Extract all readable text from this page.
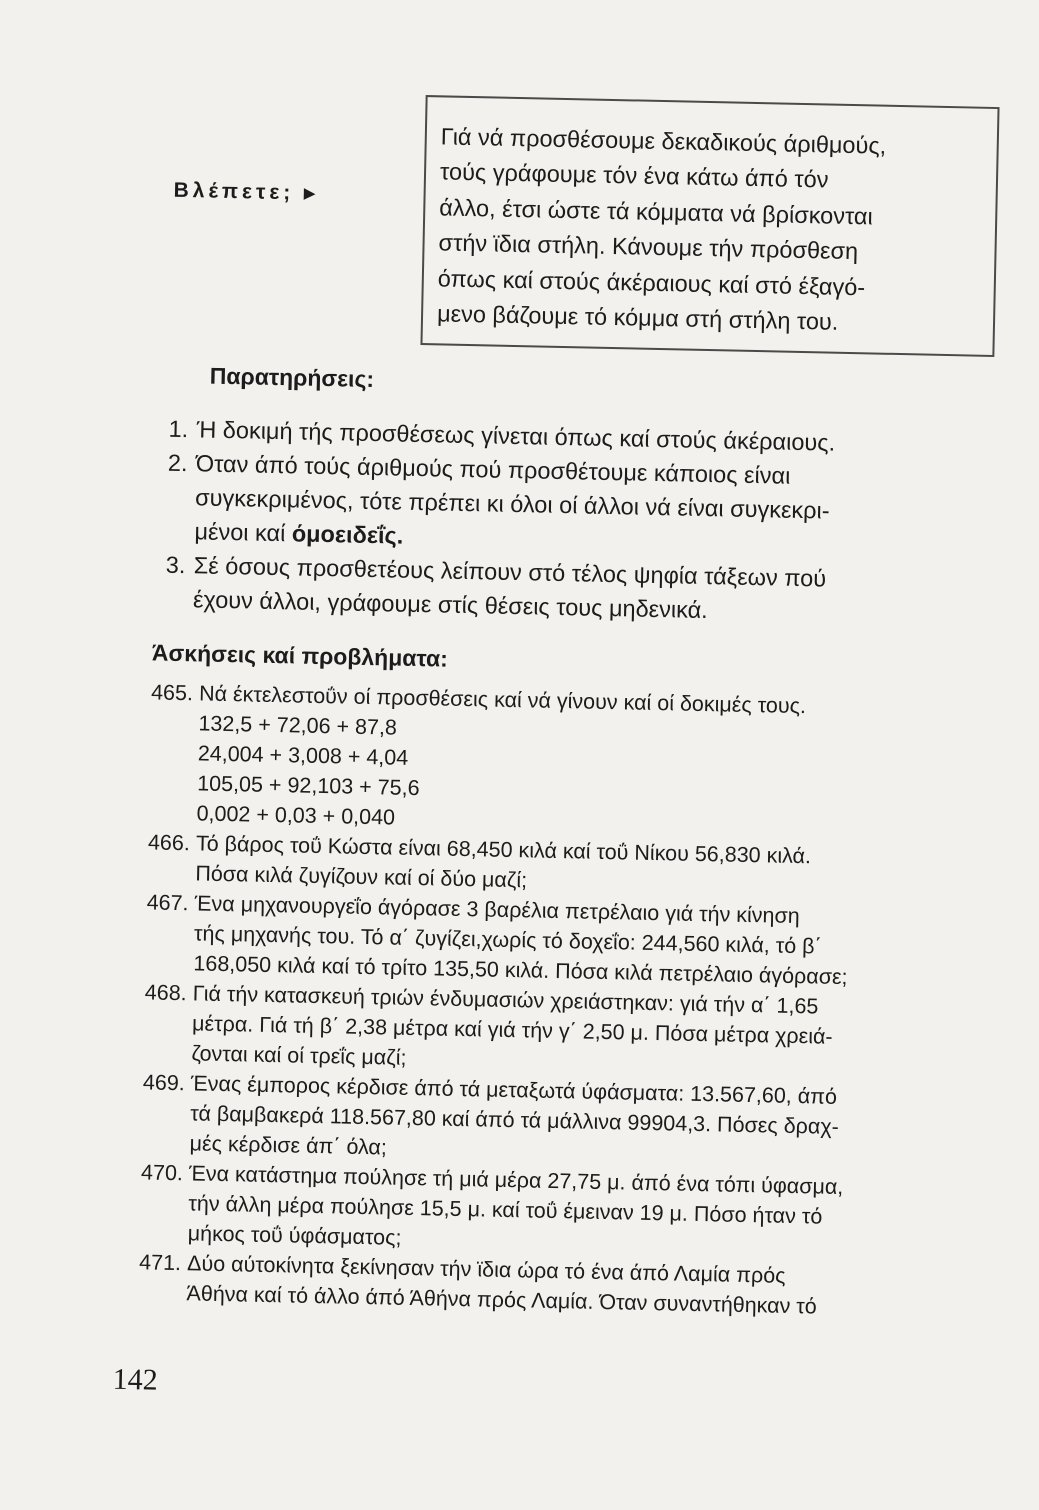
Βλέπετε; ▸
Γιά νά προσθέσουμε δεκαδικούς άριθμούς,
τούς γράφουμε τόν ένα κάτω άπό τόν
άλλο, έτσι ώστε τά κόμματα νά βρίσκονται
στήν ϊδια στήλη. Κάνουμε τήν πρόσθεση
όπως καί στούς άκέραιους καί στό έξαγό-
μενο βάζουμε τό κόμμα στή στήλη του.
Παρατηρήσεις:
1. Ή δοκιμή τής προσθέσεως γίνεται όπως καί στούς άκέραιους.
2. Όταν άπό τούς άριθμούς πού προσθέτουμε κάποιος είναι
συγκεκριμένος, τότε πρέπει κι όλοι οί άλλοι νά είναι συγκεκρι-
μένοι καί όμοειδεΐς.
3. Σέ όσους προσθετέους λείπουν στό τέλος ψηφία τάξεων πού
έχουν άλλοι, γράφουμε στίς θέσεις τους μηδενικά.
Άσκήσεις καί προβλήματα:
465. Νά έκτελεστοΰν οί προσθέσεις καί νά γίνουν καί οί δοκιμές τους.
132,5 + 72,06 + 87,8
24,004 + 3,008 + 4,04
105,05 + 92,103 + 75,6
0,002 + 0,03 + 0,040
466. Τό βάρος τοΰ Κώστα είναι 68,450 κιλά καί τοΰ Νίκου 56,830 κιλά.
Πόσα κιλά ζυγίζουν καί οί δύο μαζί;
467. Ένα μηχανουργεΐο άγόρασε 3 βαρέλια πετρέλαιο γιά τήν κίνηση
τής μηχανής του. Τό α΄ ζυγίζει,χωρίς τό δοχεΐο: 244,560 κιλά, τό β΄
168,050 κιλά καί τό τρίτο 135,50 κιλά. Πόσα κιλά πετρέλαιο άγόρασε;
468. Γιά τήν κατασκευή τριών ένδυμασιών χρειάστηκαν: γιά τήν α΄ 1,65
μέτρα. Γιά τή β΄ 2,38 μέτρα καί γιά τήν γ΄ 2,50 μ. Πόσα μέτρα χρειά-
ζονται καί οί τρεΐς μαζί;
469. Ένας έμπορος κέρδισε άπό τά μεταξωτά ύφάσματα: 13.567,60, άπό
τά βαμβακερά 118.567,80 καί άπό τά μάλλινα 99904,3. Πόσες δραχ-
μές κέρδισε άπ΄ όλα;
470. Ένα κατάστημα πούλησε τή μιά μέρα 27,75 μ. άπό ένα τόπι ύφασμα,
τήν άλλη μέρα πούλησε 15,5 μ. καί τοΰ έμειναν 19 μ. Πόσο ήταν τό
μήκος τοΰ ύφάσματος;
471. Δύο αύτοκίνητα ξεκίνησαν τήν ϊδια ώρα τό ένα άπό Λαμία πρός
Άθήνα καί τό άλλο άπό Άθήνα πρός Λαμία. Όταν συναντήθηκαν τό
142
